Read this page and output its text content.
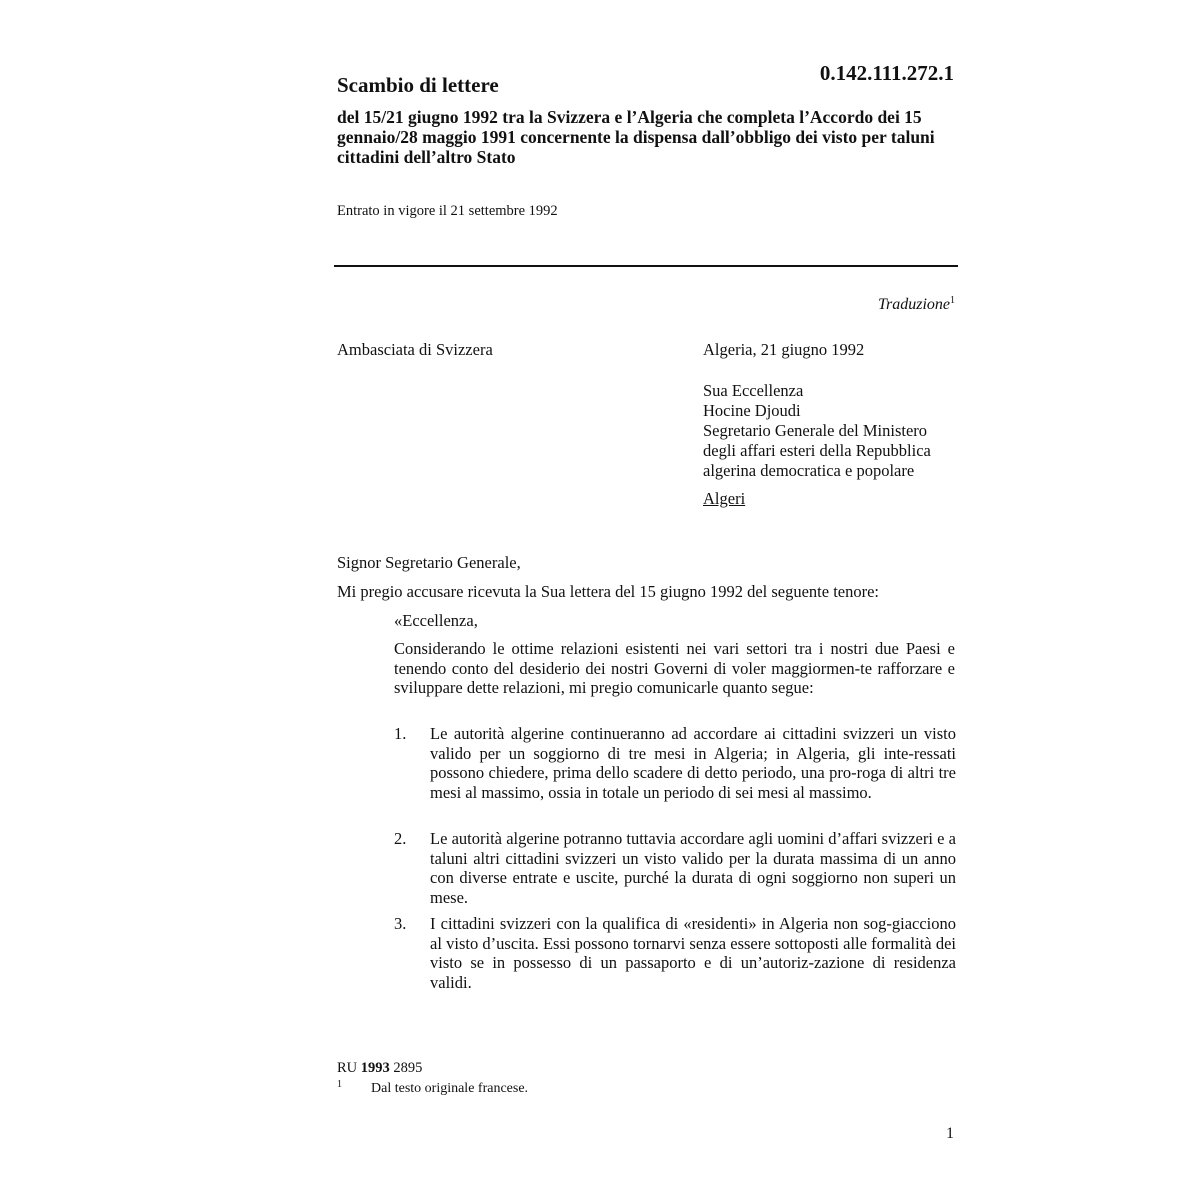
Scambio di lettere	0.142.111.272.1
del 15/21 giugno 1992 tra la Svizzera e l’Algeria che completa l’Accordo dei 15 gennaio/28 maggio 1991 concernente la dispensa dall’obbligo dei visto per taluni cittadini dell’altro Stato
Entrato in vigore il 21 settembre 1992
Traduzione$^1$
Ambasciata di Svizzera	Algeria, 21 giugno 1992
Sua Eccellenza
Hocine Djoudi
Segretario Generale del Ministero
degli affari esteri della Repubblica
algerina democratica e popolare
Algeri
Signor Segretario Generale,
Mi pregio accusare ricevuta la Sua lettera del 15 giugno 1992 del seguente tenore:
«Eccellenza,
Considerando le ottime relazioni esistenti nei vari settori tra i nostri due Paesi e tenendo conto del desiderio dei nostri Governi di voler maggiormen-te rafforzare e sviluppare dette relazioni, mi pregio comunicarle quanto segue:
1.	Le autorità algerine continueranno ad accordare ai cittadini svizzeri un visto valido per un soggiorno di tre mesi in Algeria; in Algeria, gli inte-ressati possono chiedere, prima dello scadere di detto periodo, una pro-roga di altri tre mesi al massimo, ossia in totale un periodo di sei mesi al massimo.
2.	Le autorità algerine potranno tuttavia accordare agli uomini d’affari svizzeri e a taluni altri cittadini svizzeri un visto valido per la durata massima di un anno con diverse entrate e uscite, purché la durata di ogni soggiorno non superi un mese.
3.	I cittadini svizzeri con la qualifica di «residenti» in Algeria non sog-giacciono al visto d’uscita. Essi possono tornarvi senza essere sottoposti alle formalità dei visto se in possesso di un passaporto e di un’autoriz-zazione di residenza validi.
RU 1993 2895
1	Dal testo originale francese.
1
